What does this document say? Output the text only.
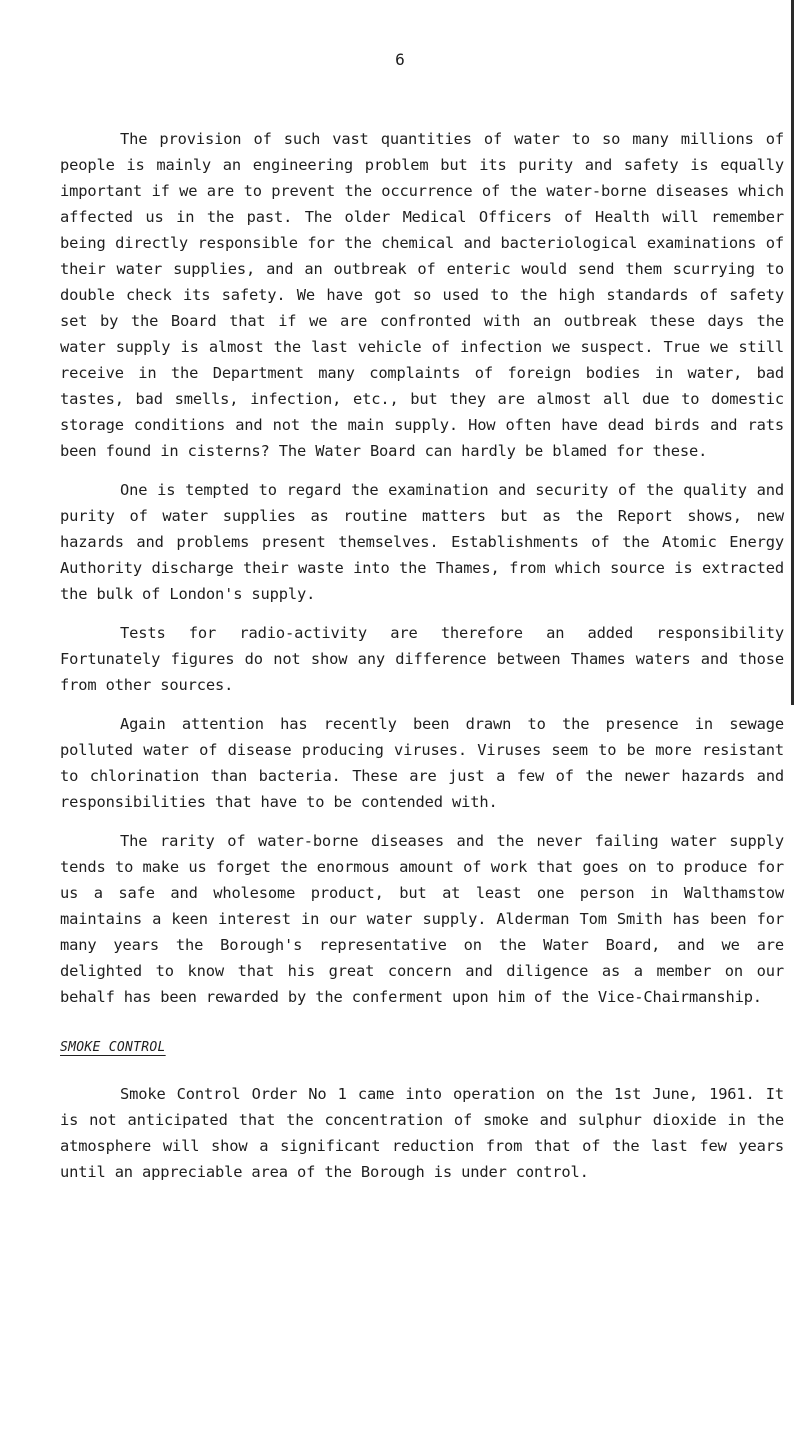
6

The provision of such vast quantities of water to so many millions of people is mainly an engineering problem but its purity and safety is equally important if we are to prevent the occurrence of the water-borne diseases which affected us in the past. The older Medical Officers of Health will remember being directly responsible for the chemical and bacteriological examinations of their water supplies, and an outbreak of enteric would send them scurrying to double check its safety. We have got so used to the high standards of safety set by the Board that if we are confronted with an outbreak these days the water supply is almost the last vehicle of infection we suspect. True we still receive in the Department many complaints of foreign bodies in water, bad tastes, bad smells, infection, etc., but they are almost all due to domestic storage conditions and not the main supply. How often have dead birds and rats been found in cisterns? The Water Board can hardly be blamed for these.

One is tempted to regard the examination and security of the quality and purity of water supplies as routine matters but as the Report shows, new hazards and problems present themselves. Establishments of the Atomic Energy Authority discharge their waste into the Thames, from which source is extracted the bulk of London's supply.

Tests for radio-activity are therefore an added responsibility Fortunately figures do not show any difference between Thames waters and those from other sources.

Again attention has recently been drawn to the presence in sewage polluted water of disease producing viruses. Viruses seem to be more resistant to chlorination than bacteria. These are just a few of the newer hazards and responsibilities that have to be contended with.

The rarity of water-borne diseases and the never failing water supply tends to make us forget the enormous amount of work that goes on to produce for us a safe and wholesome product, but at least one person in Walthamstow maintains a keen interest in our water supply. Alderman Tom Smith has been for many years the Borough's representative on the Water Board, and we are delighted to know that his great concern and diligence as a member on our behalf has been rewarded by the conferment upon him of the Vice-Chairmanship.

SMOKE CONTROL

Smoke Control Order No 1 came into operation on the 1st June, 1961. It is not anticipated that the concentration of smoke and sulphur dioxide in the atmosphere will show a significant reduction from that of the last few years until an appreciable area of the Borough is under control.
